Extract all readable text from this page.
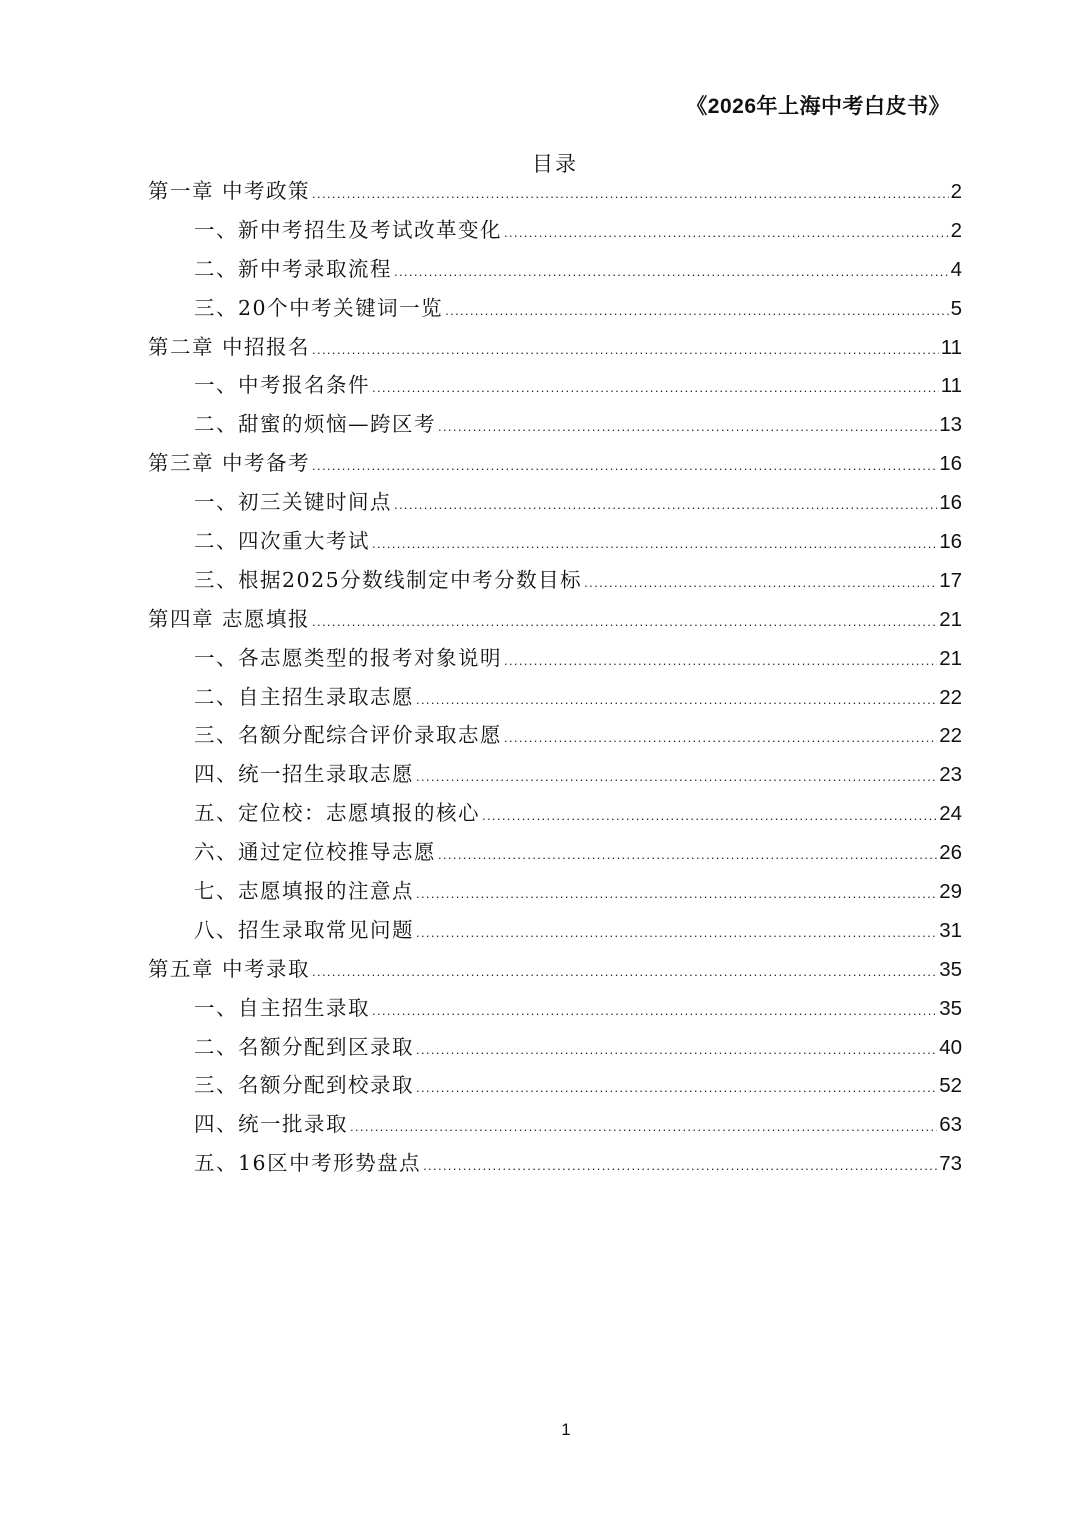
《2026年上海中考白皮书》
目录
第一章 中考政策 .....	2
一、新中考招生及考试改革变化 .....	2
二、新中考录取流程 .....	4
三、20个中考关键词一览 .....	5
第二章 中招报名 .....	11
一、中考报名条件 .....	11
二、甜蜜的烦恼—跨区考 .....	13
第三章 中考备考 .....	16
一、初三关键时间点 .....	16
二、四次重大考试 .....	16
三、根据2025分数线制定中考分数目标 .....	17
第四章 志愿填报 .....	21
一、各志愿类型的报考对象说明 .....	21
二、自主招生录取志愿 .....	22
三、名额分配综合评价录取志愿 .....	22
四、统一招生录取志愿 .....	23
五、定位校：志愿填报的核心 .....	24
六、通过定位校推导志愿 .....	26
七、志愿填报的注意点 .....	29
八、招生录取常见问题 .....	31
第五章 中考录取 .....	35
一、自主招生录取 .....	35
二、名额分配到区录取 .....	40
三、名额分配到校录取 .....	52
四、统一批录取 .....	63
五、16区中考形势盘点 .....	73
1
